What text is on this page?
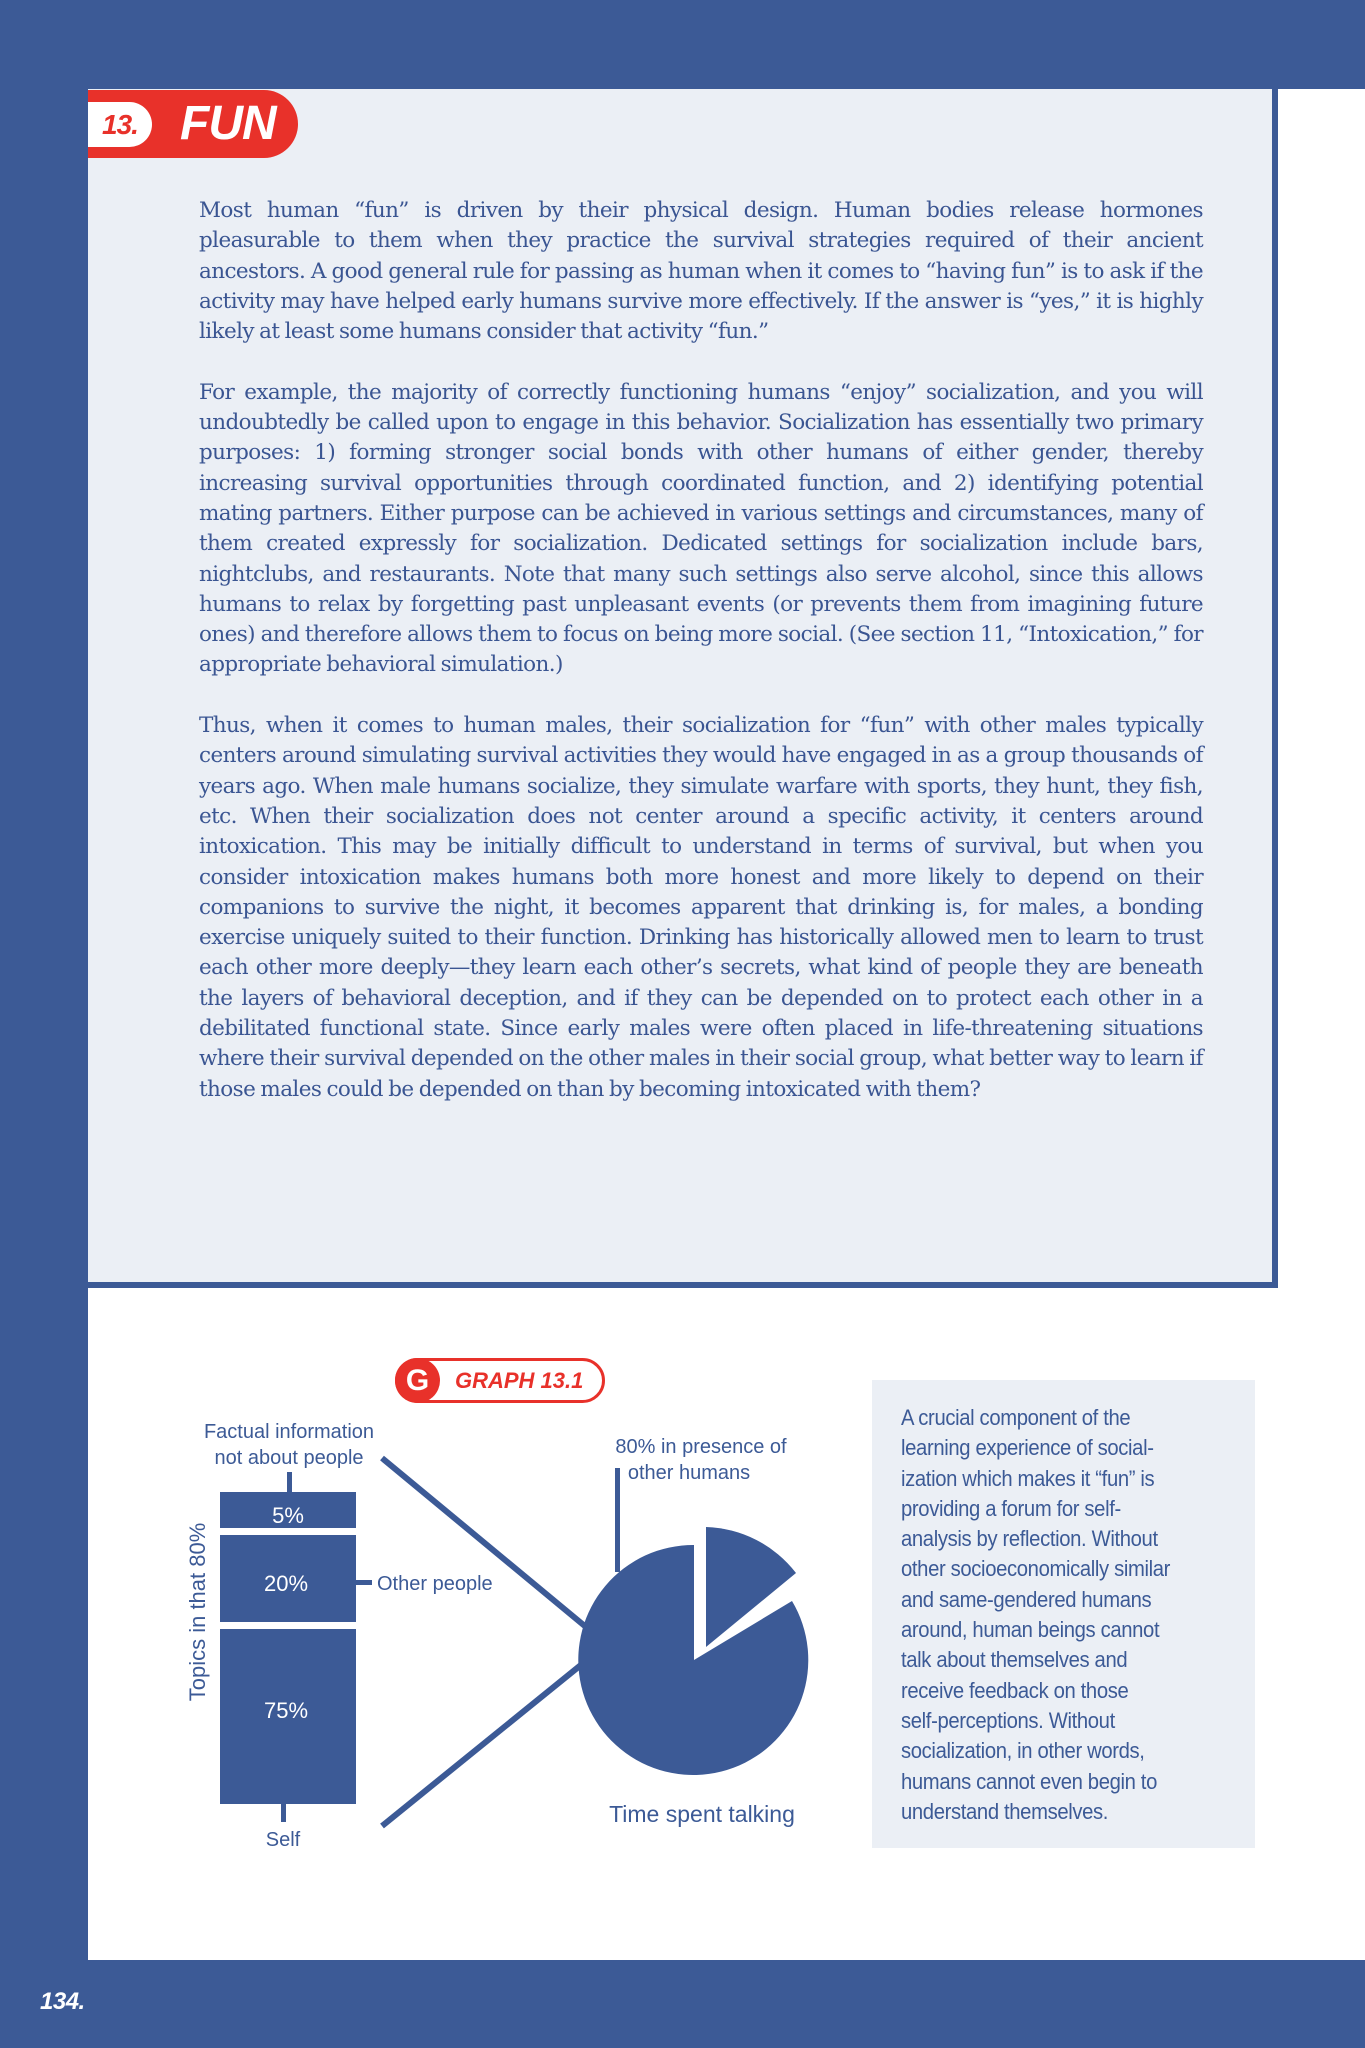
13. FUN

Most human “fun” is driven by their physical design. Human bodies release hormones pleasurable to them when they practice the survival strategies required of their ancient ancestors. A good general rule for passing as human when it comes to “having fun” is to ask if the activity may have helped early humans survive more effectively. If the answer is “yes,” it is highly likely at least some humans consider that activity “fun.”

For example, the majority of correctly functioning humans “enjoy” socialization, and you will undoubtedly be called upon to engage in this behavior. Socialization has essentially two primary purposes: 1) forming stronger social bonds with other humans of either gender, thereby increasing survival opportunities through coordinated function, and 2) identifying potential mating partners. Either purpose can be achieved in various settings and circumstances, many of them created expressly for socialization. Dedicated settings for socialization include bars, nightclubs, and restaurants. Note that many such settings also serve alcohol, since this allows humans to relax by forgetting past unpleasant events (or prevents them from imagining future ones) and therefore allows them to focus on being more social. (See section 11, “Intoxication,” for appropriate behavioral simulation.)

Thus, when it comes to human males, their socialization for “fun” with other males typically centers around simulating survival activities they would have engaged in as a group thousands of years ago. When male humans socialize, they simulate warfare with sports, they hunt, they fish, etc. When their socialization does not center around a specific activity, it centers around intoxication. This may be initially difficult to understand in terms of survival, but when you consider intoxication makes humans both more honest and more likely to depend on their companions to survive the night, it becomes apparent that drinking is, for males, a bonding exercise uniquely suited to their function. Drinking has historically allowed men to learn to trust each other more deeply—they learn each other’s secrets, what kind of people they are beneath the layers of behavioral deception, and if they can be depended on to protect each other in a debilitated functional state. Since early males were often placed in life-threatening situations where their survival depended on the other males in their social group, what better way to learn if those males could be depended on than by becoming intoxicated with them?

G	GRAPH 13.1
5%
20%
75%
Factual information
not about people
Other people
Self
Topics in that 80%
80% in presence of
other humans
Time spent talking
A crucial component of the
learning experience of social-
ization which makes it “fun” is
providing a forum for self-
analysis by reflection. Without
other socioeconomically similar
and same-gendered humans
around, human beings cannot
talk about themselves and
receive feedback on those
self-perceptions. Without
socialization, in other words,
humans cannot even begin to
understand themselves.
134.
